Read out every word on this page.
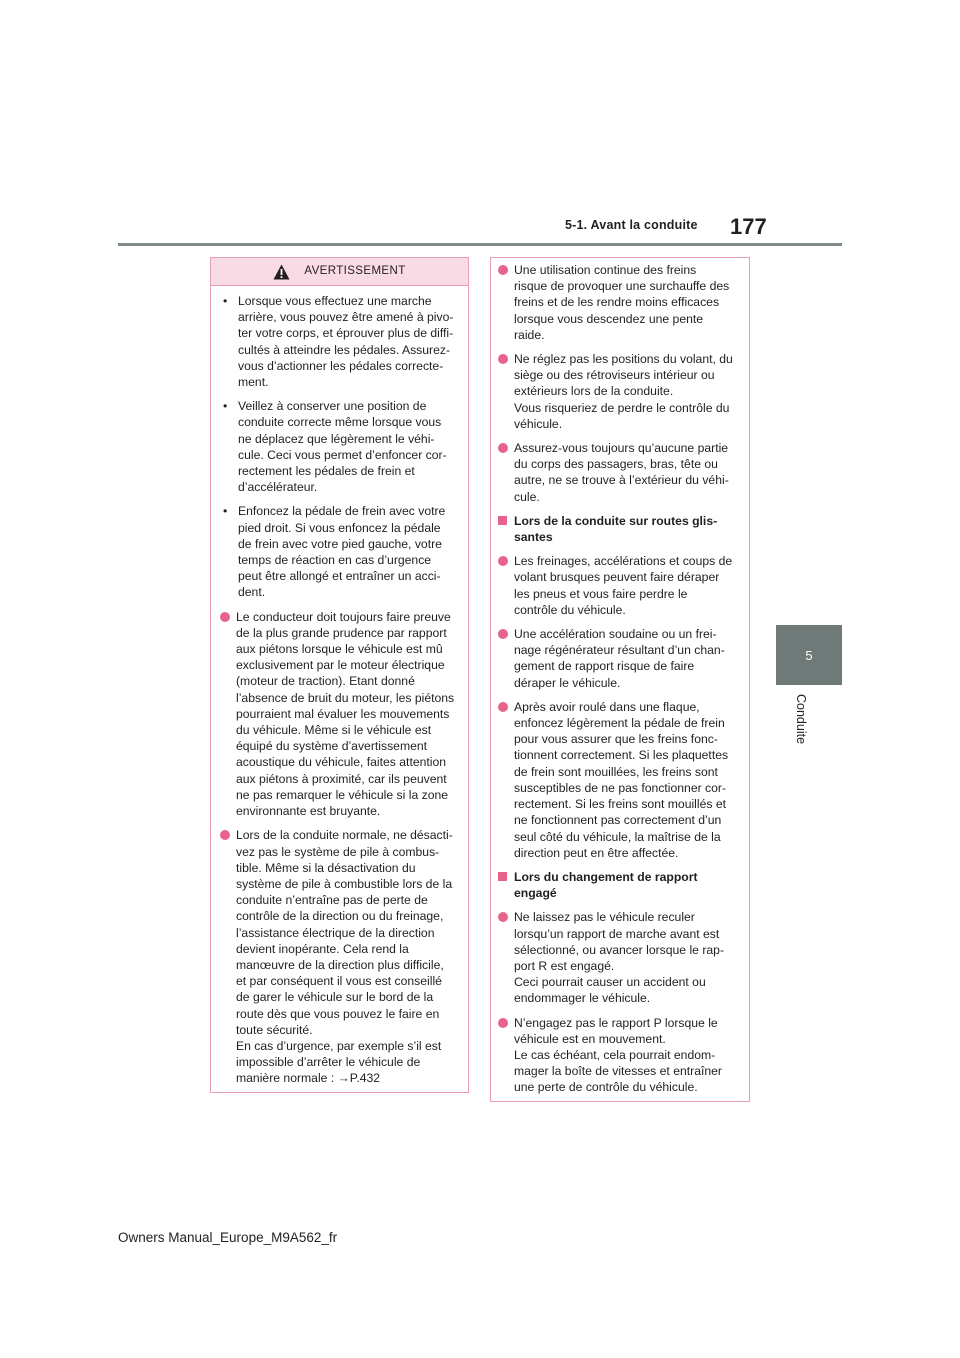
5-1. Avant la conduite 177
5
Conduite
AVERTISSEMENT
• Lorsque vous effectuez une marche
arrière, vous pouvez être amené à pivo-
ter votre corps, et éprouver plus de diffi-
cultés à atteindre les pédales. Assurez-
vous d’actionner les pédales correcte-
ment.
• Veillez à conserver une position de
conduite correcte même lorsque vous
ne déplacez que légèrement le véhi-
cule. Ceci vous permet d’enfoncer cor-
rectement les pédales de frein et
d’accélérateur.
• Enfoncez la pédale de frein avec votre
pied droit. Si vous enfoncez la pédale
de frein avec votre pied gauche, votre
temps de réaction en cas d’urgence
peut être allongé et entraîner un acci-
dent.
Le conducteur doit toujours faire preuve
de la plus grande prudence par rapport
aux piétons lorsque le véhicule est mû
exclusivement par le moteur électrique
(moteur de traction). Etant donné
l’absence de bruit du moteur, les piétons
pourraient mal évaluer les mouvements
du véhicule. Même si le véhicule est
équipé du système d’avertissement
acoustique du véhicule, faites attention
aux piétons à proximité, car ils peuvent
ne pas remarquer le véhicule si la zone
environnante est bruyante.
Lors de la conduite normale, ne désacti-
vez pas le système de pile à combus-
tible. Même si la désactivation du
système de pile à combustible lors de la
conduite n’entraîne pas de perte de
contrôle de la direction ou du freinage,
l’assistance électrique de la direction
devient inopérante. Cela rend la
manœuvre de la direction plus difficile,
et par conséquent il vous est conseillé
de garer le véhicule sur le bord de la
route dès que vous pouvez le faire en
toute sécurité.
En cas d’urgence, par exemple s’il est
impossible d’arrêter le véhicule de
manière normale : →P.432
Une utilisation continue des freins
risque de provoquer une surchauffe des
freins et de les rendre moins efficaces
lorsque vous descendez une pente
raide.
Ne réglez pas les positions du volant, du
siège ou des rétroviseurs intérieur ou
extérieurs lors de la conduite.
Vous risqueriez de perdre le contrôle du
véhicule.
Assurez-vous toujours qu’aucune partie
du corps des passagers, bras, tête ou
autre, ne se trouve à l’extérieur du véhi-
cule.
Lors de la conduite sur routes glis-
santes
Les freinages, accélérations et coups de
volant brusques peuvent faire déraper
les pneus et vous faire perdre le
contrôle du véhicule.
Une accélération soudaine ou un frei-
nage régénérateur résultant d’un chan-
gement de rapport risque de faire
déraper le véhicule.
Après avoir roulé dans une flaque,
enfoncez légèrement la pédale de frein
pour vous assurer que les freins fonc-
tionnent correctement. Si les plaquettes
de frein sont mouillées, les freins sont
susceptibles de ne pas fonctionner cor-
rectement. Si les freins sont mouillés et
ne fonctionnent pas correctement d’un
seul côté du véhicule, la maîtrise de la
direction peut en être affectée.
Lors du changement de rapport
engagé
Ne laissez pas le véhicule reculer
lorsqu’un rapport de marche avant est
sélectionné, ou avancer lorsque le rap-
port R est engagé.
Ceci pourrait causer un accident ou
endommager le véhicule.
N’engagez pas le rapport P lorsque le
véhicule est en mouvement.
Le cas échéant, cela pourrait endom-
mager la boîte de vitesses et entraîner
une perte de contrôle du véhicule.
Owners Manual_Europe_M9A562_fr
